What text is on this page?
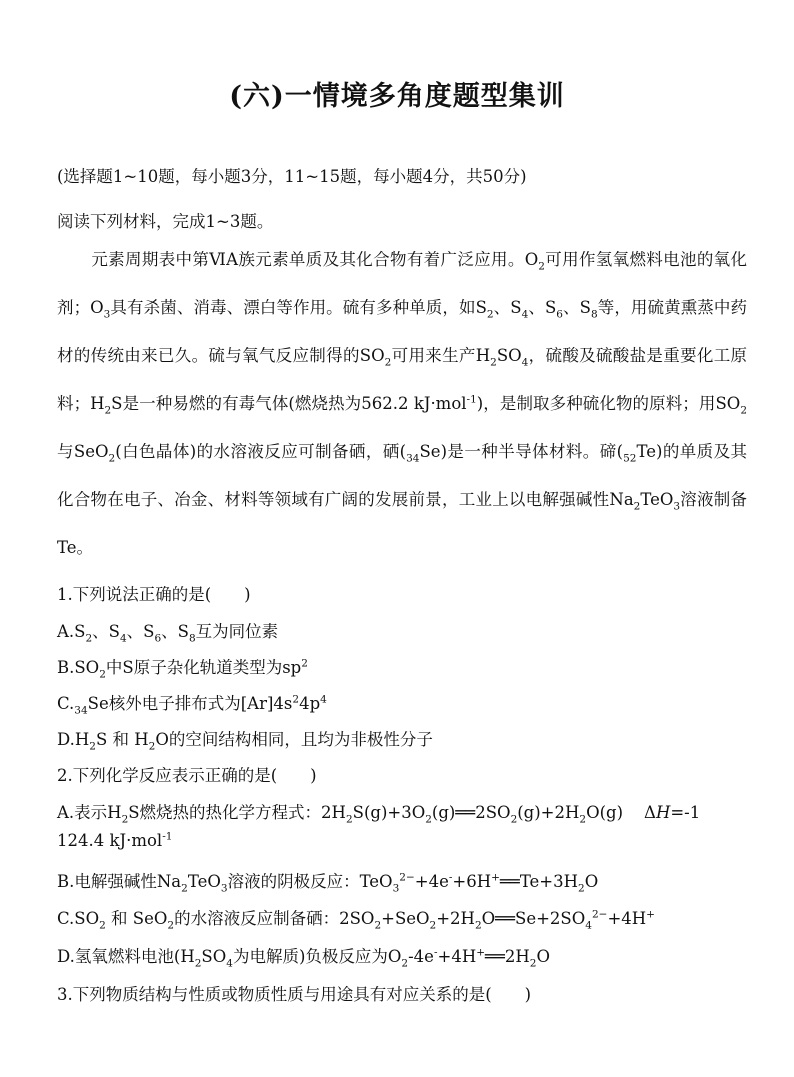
(六)一情境多角度题型集训
(选择题1~10题，每小题3分，11~15题，每小题4分，共50分)
阅读下列材料，完成1~3题。
元素周期表中第ⅥA族元素单质及其化合物有着广泛应用。$O_2$可用作氢氧燃料电池的氧化剂；$O_3$具有杀菌、消毒、漂白等作用。硫有多种单质，如$S_2$、$S_4$、$S_6$、$S_8$等，用硫黄熏蒸中药材的传统由来已久。硫与氧气反应制得的$SO_2$可用来生产$H_2SO_4$，硫酸及硫酸盐是重要化工原料；$H_2S$是一种易燃的有毒气体(燃烧热为562.2 kJ·mol$^{-1}$)，是制取多种硫化物的原料；用$SO_2$与SeO$_2$(白色晶体)的水溶液反应可制备硒，硒$(_{34}Se)$是一种半导体材料。碲$(_{52}Te)$的单质及其化合物在电子、冶金、材料等领域有广阔的发展前景，工业上以电解强碱性$Na_2TeO_3$溶液制备Te。
1.下列说法正确的是(　　)
$A.S_2$、$S_4$、$S_6$、$S_8$互为同位素
$B.SO_2$中S原子杂化轨道类型为$sp^2$
$C._{34}Se$核外电子排布式为$[Ar]4s^24p^4$
$D.H_2S$ 和 $H_2O$的空间结构相同，且均为非极性分子
2.下列化学反应表示正确的是(　　)
A.表示$H_2S$燃烧热的热化学方程式：$2H_2S(g)+3O_2(g)══2SO_2(g)+2H_2O(g)$    ΔH=-1
124.4 kJ·mol$^{-1}$
B.电解强碱性$Na_2TeO_3$溶液的阴极反应：$TeO_3^{2-}+4e^-+6H^+══Te+3H_2O$
$C.SO_2$ 和 SeO$_2$的水溶液反应制备硒：$2SO_2+SeO_2+2H_2O══Se+2SO_4^{2-}+4H^+$
D.氢氧燃料电池($H_2SO_4$为电解质)负极反应为$O_2-4e^-+4H^+══2H_2O$
3.下列物质结构与性质或物质性质与用途具有对应关系的是(　　)
